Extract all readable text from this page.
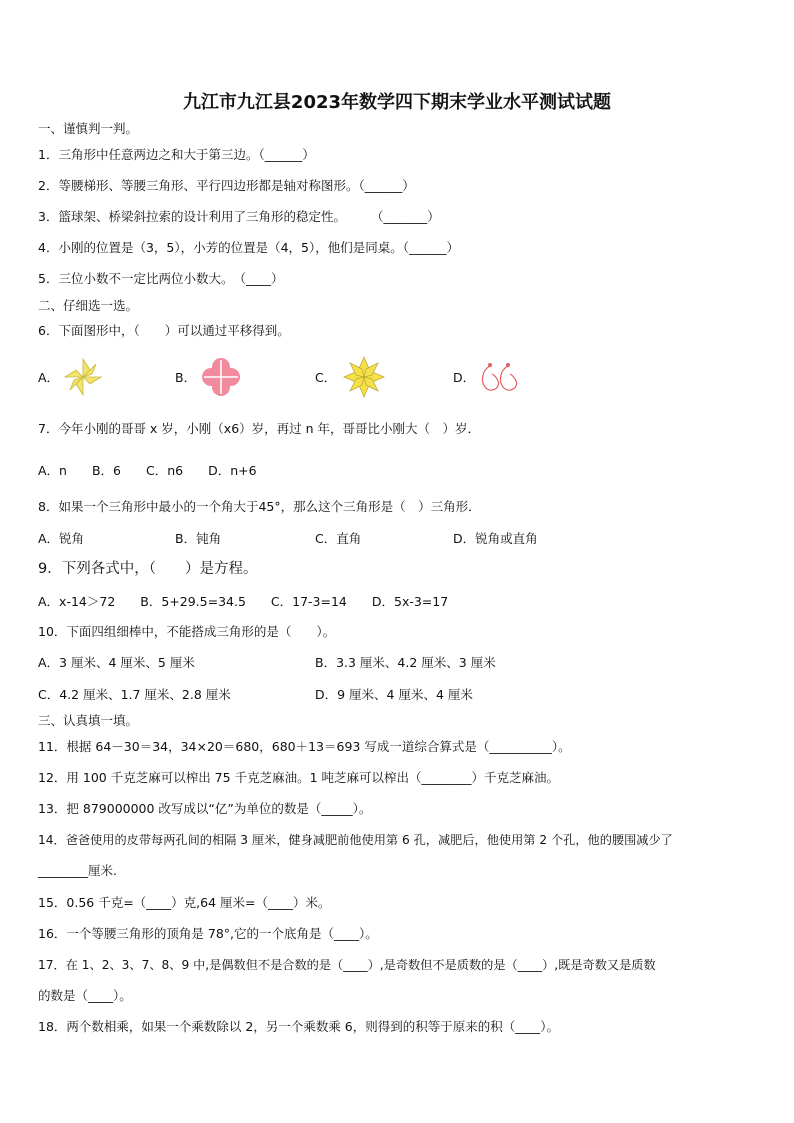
九江市九江县2023年数学四下期末学业水平测试试题
一、谨慎判一判。
1．三角形中任意两边之和大于第三边。（______）
2．等腰梯形、等腰三角形、平行四边形都是轴对称图形。（______）
3．篮球架、桥梁斜拉索的设计利用了三角形的稳定性。　　　（_______）
4．小刚的位置是（3，5），小芳的位置是（4，5），他们是同桌。（______）
5．三位小数不一定比两位小数大。　（____）
二、仔细选一选。
6．下面图形中，（　　）可以通过平移得到。
A．	B．	C．	D．
7．今年小刚的哥哥 x 岁，小刚（x6）岁，再过 n 年，哥哥比小刚大（　）岁．
A．n　　B．6　　C．n6　　D．n+6
8．如果一个三角形中最小的一个角大于45°，那么这个三角形是（　）三角形．
A．锐角	B．钝角	C．直角	D．锐角或直角
9．下列各式中，（　　）是方程。
A．x-14＞72　　B．5+29.5=34.5　　C．17-3=14　　D．5x-3=17
10．下面四组细棒中，不能搭成三角形的是（　　）。
A．3 厘米、4 厘米、5 厘米	B．3.3 厘米、4.2 厘米、3 厘米
C．4.2 厘米、1.7 厘米、2.8 厘米	D．9 厘米、4 厘米、4 厘米
三、认真填一填。
11．根据 64－30＝34，34×20＝680，680＋13＝693 写成一道综合算式是（__________）。
12．用 100 千克芝麻可以榨出 75 千克芝麻油。1 吨芝麻可以榨出（________）千克芝麻油。
13．把 879000000 改写成以“亿”为单位的数是（_____）。
14．爸爸使用的皮带每两孔间的相隔 3 厘米，健身减肥前他使用第 6 孔，减肥后，他使用第 2 个孔，他的腰围减少了
________厘米.
15．0.56 千克=（____）克,64 厘米=（____）米。
16．一个等腰三角形的顶角是 78°,它的一个底角是（____）。
17．在 1、2、3、7、8、9 中,是偶数但不是合数的是（____）,是奇数但不是质数的是（____）,既是奇数又是质数
的数是（____）。
18．两个数相乘，如果一个乘数除以 2，另一个乘数乘 6，则得到的积等于原来的积（____）。
